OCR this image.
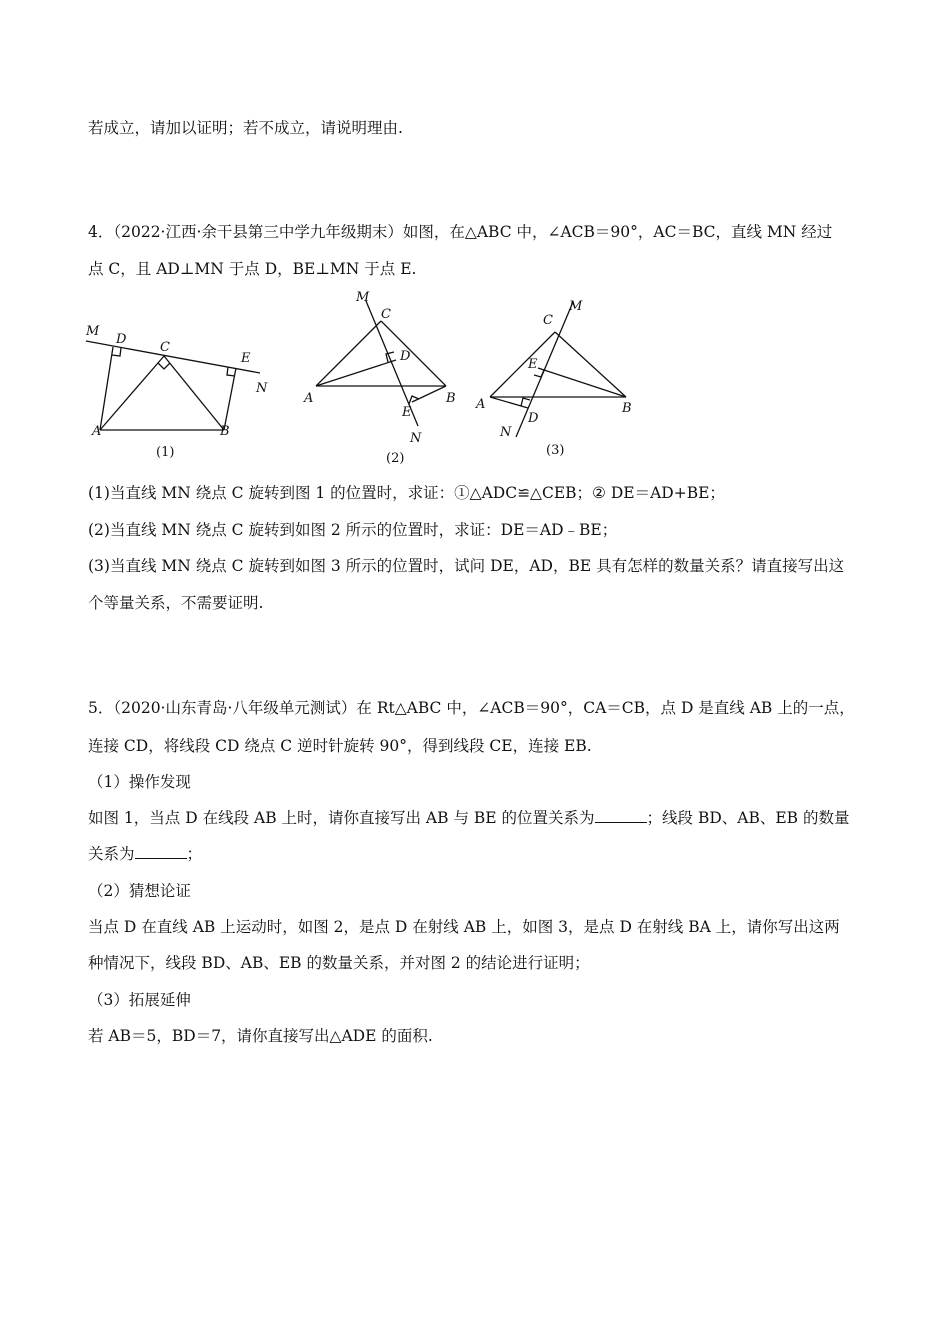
若成立，请加以证明；若不成立，请说明理由.
4．（2022·江西·余干县第三中学九年级期末）如图，在△ABC 中，∠ACB＝90°，AC＝BC，直线 MN 经过
点 C，且 AD⊥MN 于点 D，BE⊥MN 于点 E.
M
D
C
E
N
A	B
(1)
M
C
D
A	B
E
N
(2)
M
C
E
A	B
D
N
(3)
(1)当直线 MN 绕点 C 旋转到图 1 的位置时，求证：①△ADC≌△CEB；② DE＝AD+BE；
(2)当直线 MN 绕点 C 旋转到如图 2 所示的位置时，求证：DE＝AD﹣BE；
(3)当直线 MN 绕点 C 旋转到如图 3 所示的位置时，试问 DE，AD，BE 具有怎样的数量关系？请直接写出这
个等量关系，不需要证明.
5．（2020·山东青岛·八年级单元测试）在 Rt△ABC 中，∠ACB＝90°，CA＝CB，点 D 是直线 AB 上的一点，
连接 CD，将线段 CD 绕点 C 逆时针旋转 90°，得到线段 CE，连接 EB.
（1）操作发现
如图 1，当点 D 在线段 AB 上时，请你直接写出 AB 与 BE 的位置关系为	；线段 BD、AB、EB 的数量
关系为	；
（2）猜想论证
当点 D 在直线 AB 上运动时，如图 2，是点 D 在射线 AB 上，如图 3，是点 D 在射线 BA 上，请你写出这两
种情况下，线段 BD、AB、EB 的数量关系，并对图 2 的结论进行证明；
（3）拓展延伸
若 AB＝5，BD＝7，请你直接写出△ADE 的面积.
